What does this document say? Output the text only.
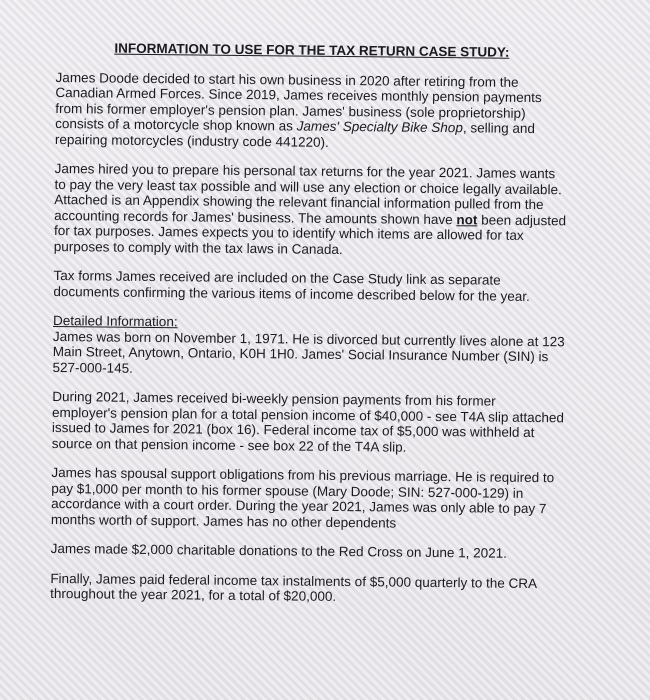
INFORMATION TO USE FOR THE TAX RETURN CASE STUDY:

James Doode decided to start his own business in 2020 after retiring from the Canadian Armed Forces. Since 2019, James receives monthly pension payments from his former employer's pension plan. James' business (sole proprietorship) consists of a motorcycle shop known as James' Specialty Bike Shop, selling and repairing motorcycles (industry code 441220).

James hired you to prepare his personal tax returns for the year 2021. James wants to pay the very least tax possible and will use any election or choice legally available. Attached is an Appendix showing the relevant financial information pulled from the accounting records for James' business. The amounts shown have not been adjusted for tax purposes. James expects you to identify which items are allowed for tax purposes to comply with the tax laws in Canada.

Tax forms James received are included on the Case Study link as separate documents confirming the various items of income described below for the year.

Detailed Information:
James was born on November 1, 1971. He is divorced but currently lives alone at 123 Main Street, Anytown, Ontario, K0H 1H0. James' Social Insurance Number (SIN) is 527-000-145.

During 2021, James received bi-weekly pension payments from his former employer's pension plan for a total pension income of $40,000 - see T4A slip attached issued to James for 2021 (box 16). Federal income tax of $5,000 was withheld at source on that pension income - see box 22 of the T4A slip.

James has spousal support obligations from his previous marriage. He is required to pay $1,000 per month to his former spouse (Mary Doode; SIN: 527-000-129) in accordance with a court order. During the year 2021, James was only able to pay 7 months worth of support. James has no other dependents

James made $2,000 charitable donations to the Red Cross on June 1, 2021.

Finally, James paid federal income tax instalments of $5,000 quarterly to the CRA throughout the year 2021, for a total of $20,000.
